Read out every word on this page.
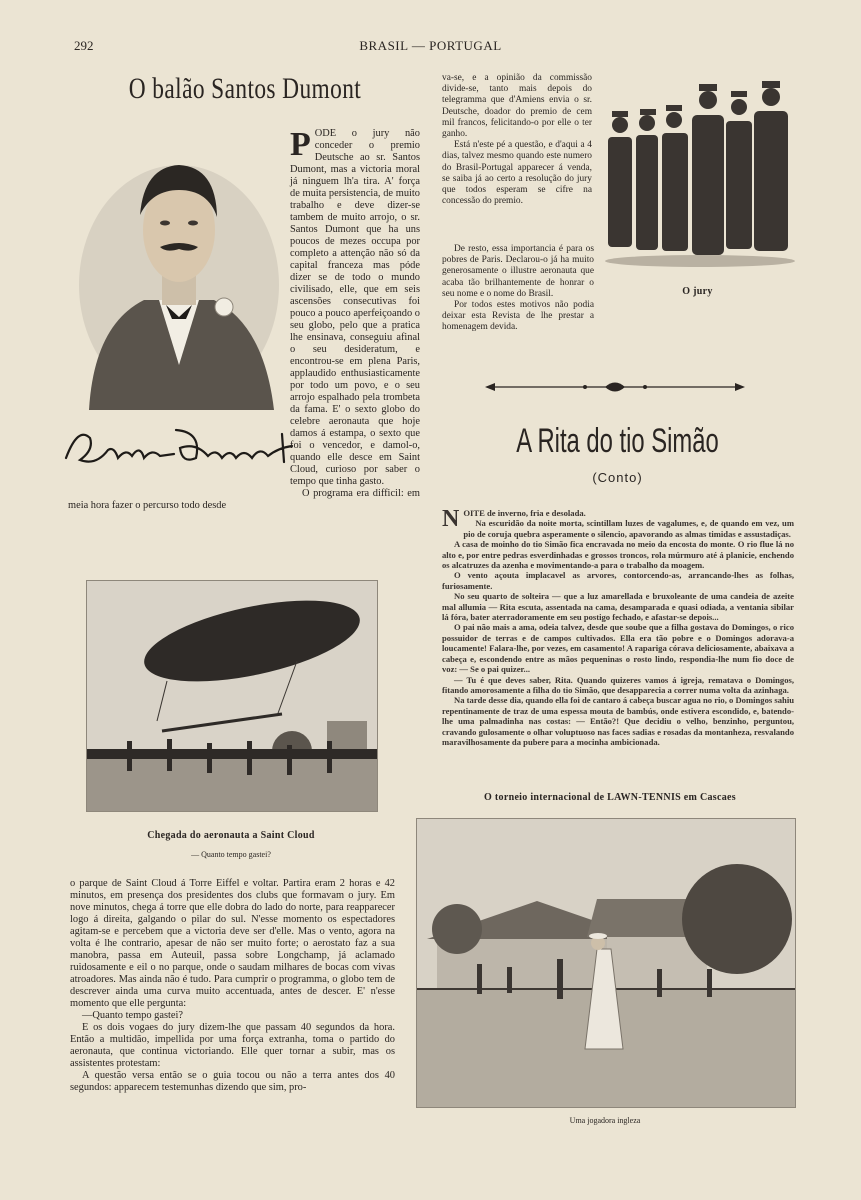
292	BRASIL — PORTUGAL
O balão Santos Dumont

P ODE o jury não conceder o premio Deutsche ao sr. Santos Dumont, mas a victoria moral já ninguem lh'a tira. A' força de muita persistencia, de muito trabalho e deve dizer-se tambem de muito arrojo, o sr. Santos Dumont que ha uns poucos de mezes occupa por completo a attenção não só da capital franceza mas póde dizer se de todo o mundo civilisado, elle, que em seis ascensões consecutivas foi pouco a pouco aperfeiçoando o seu globo, pelo que a pratica lhe ensinava, conseguiu afinal o seu desideratum, e encontrou-se em plena Paris, applaudido enthusiasticamente por todo um povo, e o seu arrojo espalhado pela trombeta da fama. E' o sexto globo do celebre aeronauta que hoje damos á estampa, o sexto que foi o vencedor, e damol-o, quando elle desce em Saint Cloud, curioso por saber o tempo que tinha gasto.

O programa era difficil: em meia hora fazer o percurso todo desde

va-se, e a opinião da commissão divide-se, tanto mais depois do telegramma que d'Amiens envia o sr. Deutsche, doador do premio de cem mil francos, felicitando-o por elle o ter ganho.

Está n'este pé a questão, e d'aqui a 4 dias, talvez mesmo quando este numero do Brasil-Portugal apparecer á venda, se saiba já ao certo a resolução do jury que todos esperam se cifre na concessão do premio.

De resto, essa importancia é para os pobres de Paris. Declarou-o já ha muito generosamente o illustre aeronauta que acaba tão brilhantemente de honrar o seu nome e o nome do Brasil.

Por todos estes motivos não podia deixar esta Revista de lhe prestar a homenagem devida.

O jury
A Rita do tio Simão
(Conto)

NOITE de inverno, fria e desolada.

Na escuridão da noite morta, scintillam luzes de vagalumes, e, de quando em vez, um pio de coruja quebra asperamente o silencio, apavorando as almas timidas e assustadiças.

A casa de moinho do tio Simão fica encravada no meio da encosta do monte. O rio flue lá no alto e, por entre pedras esverdinhadas e grossos troncos, rola múrmuro até á planicie, enchendo os alcatruzes da azenha e movimentando-a para o trabalho da moagem.

O vento açouta implacavel as arvores, contorcendo-as, arrancando-lhes as folhas, furiosamente.

No seu quarto de solteira — que a luz amarellada e bruxoleante de uma candeia de azeite mal allumia — Rita escuta, assentada na cama, desamparada e quasi odiada, a ventania sibilar lá fóra, bater aterradoramente em seu postigo fechado, e afastar-se depois...

O pai não mais a ama, odeia talvez, desde que soube que a filha gostava do Domingos, o rico possuidor de terras e de campos cultivados. Ella era tão pobre e o Domingos adorava-a loucamente! Falara-lhe, por vezes, em casamento! A rapariga córava deliciosamente, abaixava a cabeça e, escondendo entre as mãos pequeninas o rosto lindo, respondia-lhe num fio doce de voz: — Se o pai quizer...

— Tu é que deves saber, Rita. Quando quizeres vamos á igreja, rematava o Domingos, fitando amorosamente a filha do tio Simão, que desapparecia a correr numa volta da azinhaga.

Na tarde desse dia, quando ella foi de cantaro á cabeça buscar agua no rio, o Domingos sahiu repentinamente de traz de uma espessa mouta de bambús, onde estivera escondido, e, batendo-lhe uma palmadinha nas costas: — Então?! Que decidiu o velho, benzinho, perguntou, cravando gulosamente o olhar voluptuoso nas faces sadias e rosadas da montanheza, resvalando maravilhosamente da pubere para a mocinha ambicionada.

Chegada do aeronauta a Saint Cloud
— Quanto tempo gastei?

o parque de Saint Cloud á Torre Eiffel e voltar. Partira eram 2 horas e 42 minutos, em presença dos presidentes dos clubs que formavam o jury. Em nove minutos, chega á torre que elle dobra do lado do norte, para reapparecer logo á direita, galgando o pilar do sul. N'esse momento os espectadores agitam-se e percebem que a victoria deve ser d'elle. Mas o vento, agora na volta é lhe contrario, apesar de não ser muito forte; o aerostato faz a sua manobra, passa em Auteuil, passa sobre Longchamp, já aclamado ruidosamente e eil o no parque, onde o saudam milhares de bocas com vivas atroadores. Mas ainda não é tudo. Para cumprir o programma, o globo tem de descrever ainda uma curva muito accentuada, antes de descer. E' n'esse momento que elle pergunta:

—Quanto tempo gastei?

E os dois vogaes do jury dizem-lhe que passam 40 segundos da hora. Então a multidão, impellida por uma força extranha, toma o partido do aeronauta, que continua victoriando. Elle quer tornar a subir, mas os assistentes protestam:

A questão versa então se o guia tocou ou não a terra antes dos 40 segundos: apparecem testemunhas dizendo que sim, pro-

O torneio internacional de LAWN-TENNIS em Cascaes
Uma jogadora ingleza
